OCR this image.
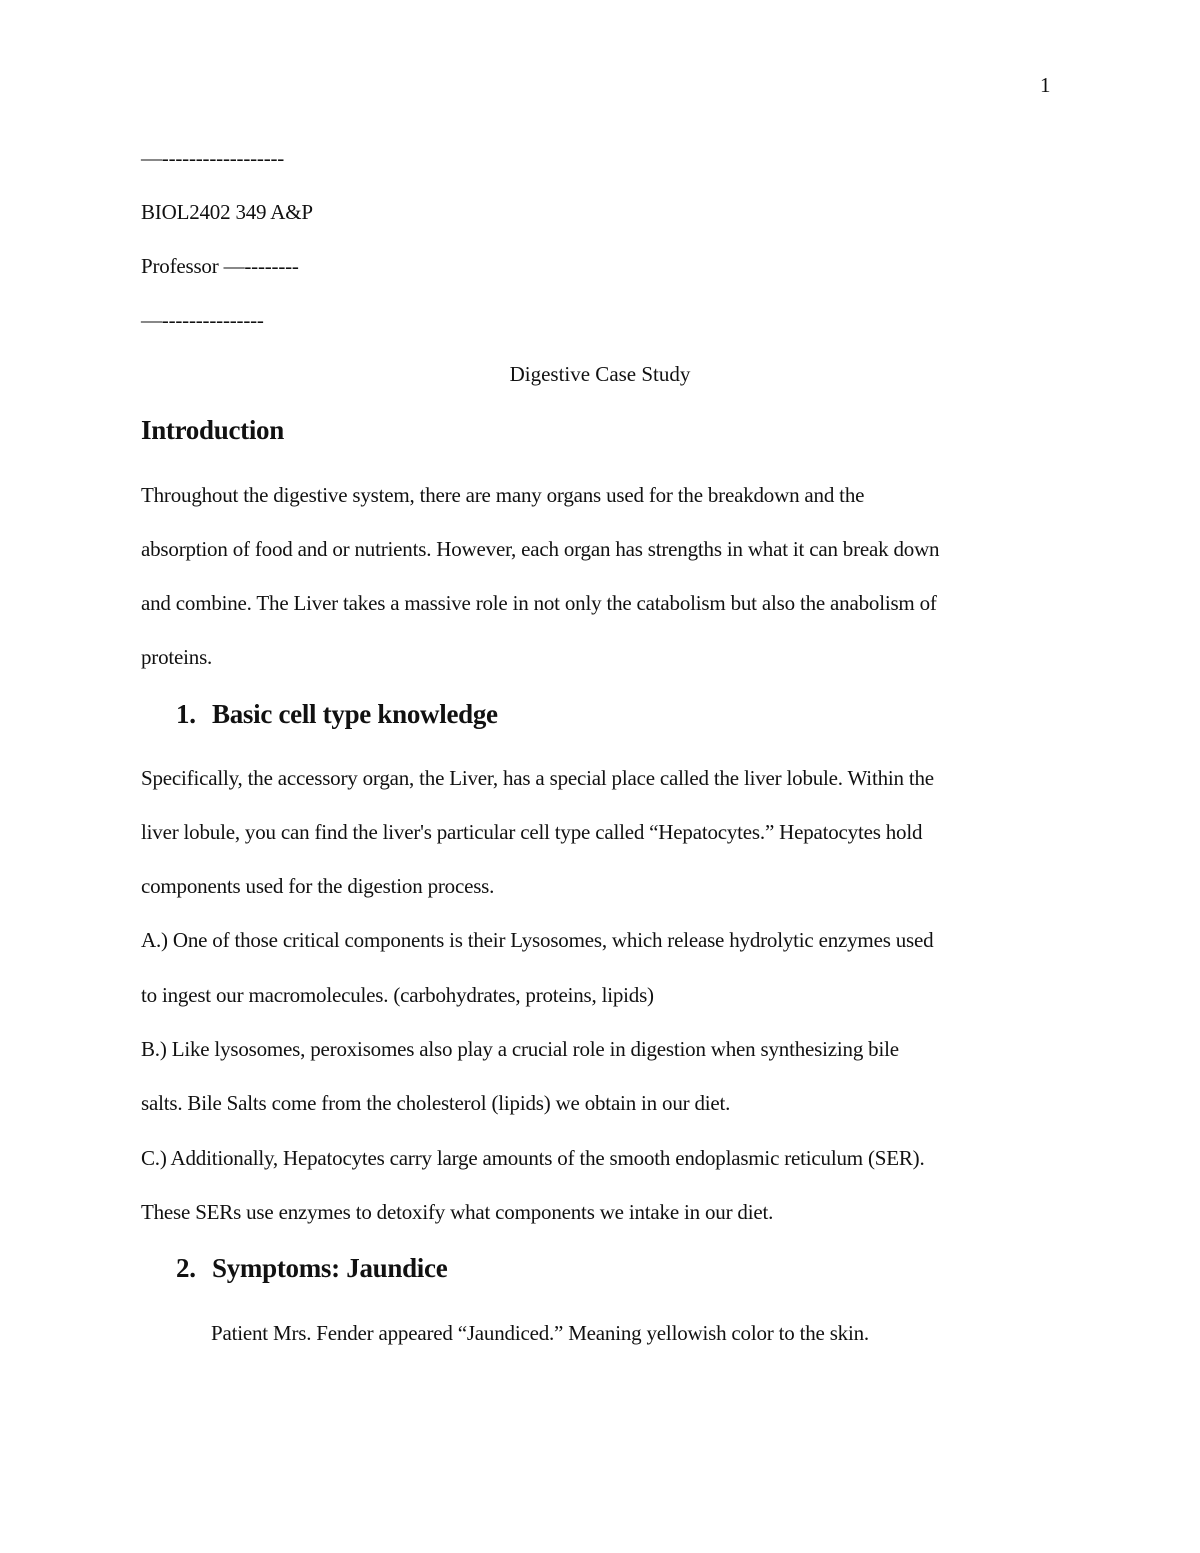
1
—------------------
BIOL2402 349 A&P
Professor —--------
—---------------
Digestive Case Study
Introduction
Throughout the digestive system, there are many organs used for the breakdown and the
absorption of food and or nutrients. However, each organ has strengths in what it can break down
and combine. The Liver takes a massive role in not only the catabolism but also the anabolism of
proteins.
1. Basic cell type knowledge
Specifically, the accessory organ, the Liver, has a special place called the liver lobule. Within the
liver lobule, you can find the liver's particular cell type called “Hepatocytes.” Hepatocytes hold
components used for the digestion process.
A.) One of those critical components is their Lysosomes, which release hydrolytic enzymes used
to ingest our macromolecules. (carbohydrates, proteins, lipids)
B.) Like lysosomes, peroxisomes also play a crucial role in digestion when synthesizing bile
salts. Bile Salts come from the cholesterol (lipids) we obtain in our diet.
C.) Additionally, Hepatocytes carry large amounts of the smooth endoplasmic reticulum (SER).
These SERs use enzymes to detoxify what components we intake in our diet.
2. Symptoms: Jaundice
Patient Mrs. Fender appeared “Jaundiced.” Meaning yellowish color to the skin.
